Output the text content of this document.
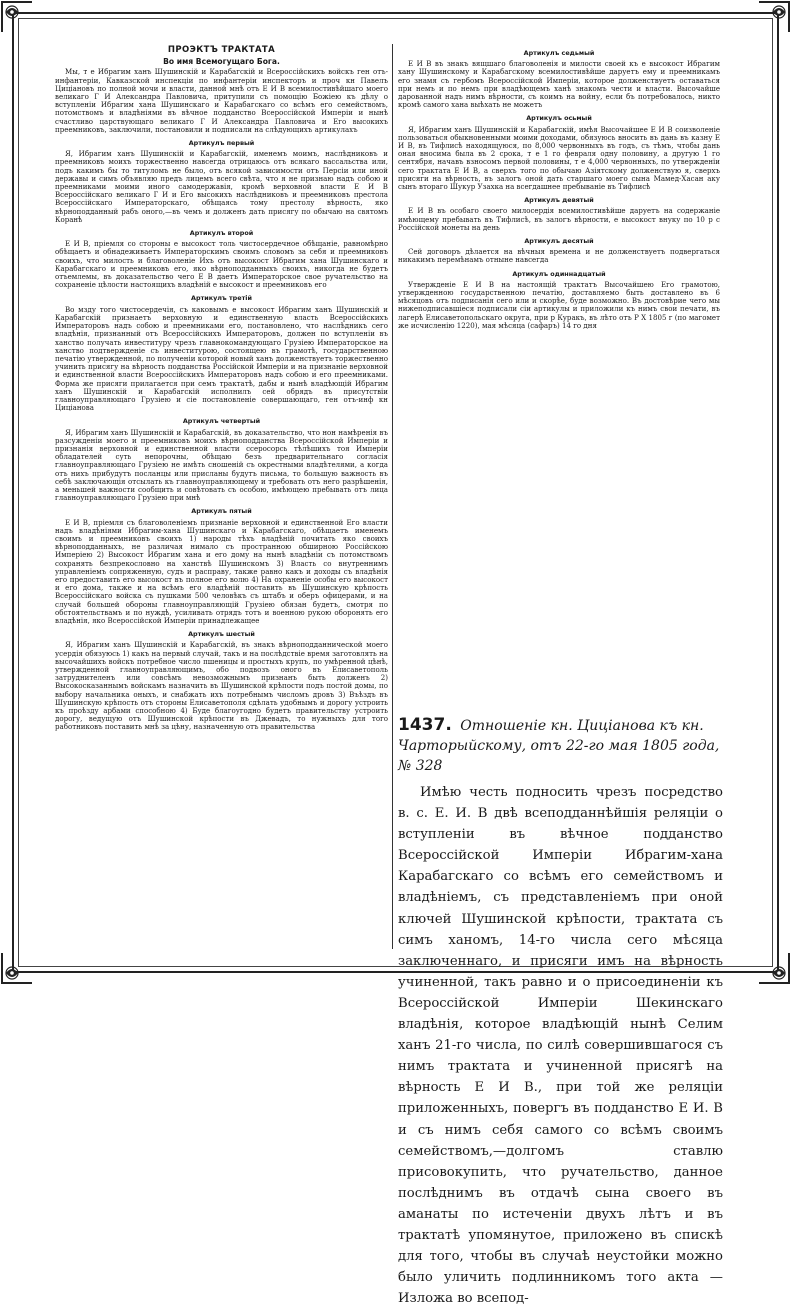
ПРОЭКТЪ ТРАКТАТА
Во имя Всемогущаго Бога.

Мы, т е Ибрагим ханъ Шушинскій и Карабагскій и Всероссійскихъ войскъ ген отъ-инфантеріи, Кавказской инспекціи по инфантеріи инспекторъ и проч кн Павелъ Циціановъ по полной мочи и власти, данной мнѣ отъ Е И В всемилостивѣйшаго моего великаго Г И Александра Павловича, притупили съ помощію Божіею къ дѣлу о вступленіи Ибрагим хана Шушинскаго и Карабагскаго со всѣмъ его семействомъ, потомствомъ и владѣніями въ вѣчное подданство Всероссійской Имперіи и нынѣ счастливо царствующаго великаго Г И Александра Павловича и Его высокихъ преемниковъ, заключили, постановили и подписали на слѣдующихъ артикулахъ

Артикулъ первый

Я, Ибрагим ханъ Шушинскій и Карабагскій, именемъ моимъ, наслѣдниковъ и преемниковъ моихъ торжественно навсегда отрицаюсь отъ всякаго вассальства или, подъ какимъ бы то титуломъ не было, отъ всякой зависимости отъ Персіи или иной державы и симъ объявляю предъ лицемъ всего свѣта, что я не признаю надъ собою и преемниками моими иного самодержавія, кромѣ верховной власти Е И В Всероссійскаго великаго Г И и Его высокихъ наслѣдниковъ и преемниковъ престола Всероссійскаго Императорскаго, обѣщаясь тому престолу вѣрность, яко вѣрноподданный рабъ оного,—въ чемъ и долженъ дать присягу по обычаю на святомъ Коранѣ

Артикулъ второй

Е И В, пріемля со стороны е высокост толь чистосердечное обѣщаніе, равномѣрно обѣщаетъ и обнадеживаетъ Императорскимъ своимъ словомъ за себя и преемниковъ своихъ, что милость и благоволеніе Ихъ отъ высокост Ибрагим хана Шушинскаго и Карабагскаго и преемниковъ его, яко вѣрноподданныхъ своихъ, никогда не будетъ отъемлемы, въ доказательство чего Е В даетъ Императорское свое ручательство на сохраненіе цѣлости настоящихъ владѣній е высокост и преемниковъ его

Артикулъ третій

Во мзду того чистосердечія, съ каковымъ е высокост Ибрагим ханъ Шушинскій и Карабагскій признаетъ верховную и единственную власть Всероссійскихъ Императоровъ надъ собою и преемниками его, постановлено, что наслѣдникъ сего владѣнія, признанный отъ Всероссійскихъ Императоровъ, должен по вступленіи въ ханство получать инвеституру чрезъ главнокомандующаго Грузіею Императорское на ханство подтвержденіе съ инвеститурою, состоящею въ грамотѣ, государственною печатію утвержденной, по полученіи которой новый ханъ долженствуетъ торжественно учинить присягу на вѣрность подданства Россійской Имперіи и на признаніе верховной и единственной власти Всероссійскихъ Императоровъ надъ собою и его преемниками. Форма же присяги прилагается при семъ трактатѣ, дабы и нынѣ владѣющій Ибрагим ханъ Шушинскій и Карабагскій исполнилъ сей обрядъ въ присутствіи главноуправляющаго Грузіею и сіе постановленіе совершающаго, ген отъ-инф кн Циціанова

Артикулъ четвертый

Я, Ибрагим ханъ Шушинскій и Карабагскій, въ доказательство, что нон намѣренія въ разсужденіи моего и преемниковъ моихъ вѣрноподданства Всероссійской Имперіи и признанія верховной и единственной власти ссеросорсь тѣлѣшихъ тоя Имперіи обладателей суть непорочны, обѣщаю безъ предварительнаго согласія главноуправляющаго Грузіею не имѣть сношеній съ окрестными владѣтелями, а когда отъ нихъ прибудутъ посланцы или присланы будутъ письма, то большую важность въ себѣ заключающія отсылать къ главноуправляющему и требовать отъ него разрѣшенія, а меньшей важности сообщить и совѣтовать съ особою, имѣющею пребывать отъ лица главноуправляющаго Грузіею при мнѣ

Артикулъ пятый

Е И В, пріемля съ благоволеніемъ признаніе верховной и единственной Его власти надъ владѣніями Ибрагим-хана Шушинскаго и Карабагскаго, обѣщаетъ именемъ своимъ и преемниковъ своихъ 1) народы тѣхъ владѣній почитать яко своихъ вѣрноподданныхъ, не различая нимало съ пространною обширною Россійскою Имперіею 2) Высокост Ибрагим хана и его дому на нынѣ владѣніи съ потомствомъ сохранять безпрекословно на ханствѣ Шушинскомъ 3) Власть со внутреннимъ управленіемъ сопряженную, судъ и расправу, также равно какъ и доходы съ владѣнія его предоставить его высокост въ полное его волю 4) На охраненіе особы его высокост и его дома, также и на всѣмъ его владѣній поставить въ Шушинскую крѣпость Всероссійскаго войска съ пушками 500 человѣкъ съ штабъ и оберъ офицерами, и на случай большей обороны главноуправляющій Грузіею обязан будетъ, смотря по обстоятельствамъ и по нуждѣ, усиливать отрядъ тотъ и военною рукою оборонять его владѣнія, яко Всероссійской Имперіи принадлежащее

Артикулъ шестый

Я, Ибрагим ханъ Шушинскій и Карабагскій, въ знакъ вѣрноподданнической моего усердія обязуюсь 1) какъ на первый случай, такъ и на послѣдствіе время заготовлять на высочайшихъ войскъ потребное число пшеницы и простыхъ крупъ, по умѣренной цѣнѣ, утвержденной главноуправляющимъ, обо подвозъ оного въ Елисаветополь затруднителенъ или совсѣмъ невозможнымъ признанъ быть долженъ 2) Высокосказаннымъ войскамъ назначить въ Шушинской крѣпости подъ постой домы, по выбору начальника оныхъ, и снабжать ихъ потребнымъ числомъ дровъ 3) Въѣздъ въ Шушинскую крѣпость отъ стороны Елисаветополя сдѣлать удобнымъ и дорогу устроить къ проѣзду арбами способною 4) Буде благоугодно будетъ правительству устроить дорогу, ведущую отъ Шушинской крѣпости въ Джевадъ, то нужныхъ для того работниковъ поставить мнѣ за цѣну, назначенную отъ правительства

Артикулъ седьмый

Е И В въ знакъ вящшаго благоволенія и милости своей къ е высокост Ибрагим хану Шушинскому и Карабагскому всемилостивѣйше даруетъ ему и преемникамъ его знамя съ гербомъ Всероссійской Имперіи, которое долженствуетъ оставаться при немъ и по немъ при владѣющемъ ханѣ знакомъ чести и власти. Высочайше дарованной надъ нимъ вѣрности, съ коимъ на войну, если бъ потребовалось, никто кромѣ самого хана выѣхать не можетъ

Артикулъ осьмый

Я, Ибрагим ханъ Шушинскій и Карабагскій, имѣя Высочайшее Е И В соизволеніе пользоваться обыкновенными моими доходами, обязуюсь вносить въ дань въ казну Е И В, въ Тифлисѣ находящуюся, по 8,000 червонныхъ въ годъ, съ тѣмъ, чтобы дань оная вносима была въ 2 срока, т е 1 го февраля одну половину, а другую 1 го сентября, начавъ взносомъ первой половины, т е 4,000 червонныхъ, по утвержденіи сего трактата Е И В, а сверхъ того по обычаю Азіятскому долженствую я, сверхъ присяги на вѣрность, въ залогъ оной дать старшаго моего сына Мамед-Хасан аку сынъ втораго Шукур Узахка на всегдашнее пребываніе въ Тифлисѣ

Артикулъ девятый

Е И В въ особаго своего милосердія всемилостивѣйше даруетъ на содержаніе имѣющему пребывать въ Тифлисѣ, въ залогъ вѣрности, е высокост внуку по 10 р с Россійской монеты на день

Артикулъ десятый

Сей договоръ дѣлается на вѣчныя времена и не долженствуетъ подвергаться никакимъ перемѣнамъ отныне навсегда

Артикулъ одиннадцатый

Утвержденіе Е И В на настоящій трактатъ Высочайшею Его грамотою, утвержденною государственною печатію, доставляемо быть доставлено въ 6 мѣсяцовъ отъ подписанія сего или и скорѣе, буде возможно. Въ достовѣрие чего мы нижеподписавшіеся подписали сіи артикулы и приложили къ нимъ свои печати, въ лагерѣ Елисаветопольскаго округа, при р Куракъ, въ лѣто отъ Р Х 1805 г (по магомет же исчисленію 1220), мая мѣсяца (сафаръ) 14 го дня

1437. Отношеніе кн. Циціанова къ кн. Чарторыйскому, отъ 22-го мая 1805 года, № 328

Имѣю честь подносить чрезъ посредство в. с. Е. И. В двѣ всеподданнѣйшія реляціи о вступленіи въ вѣчное подданство Всероссійской Имперіи Ибрагим-хана Карабагскаго со всѣмъ его семействомъ и владѣніемъ, съ представленіемъ при оной ключей Шушинской крѣпости, трактата съ симъ ханомъ, 14-го числа сего мѣсяца заключеннаго, и присяги имъ на вѣрность учиненной, такъ равно и о присоединеніи къ Всероссійской Имперіи Шекинскаго владѣнія, которое владѣющій нынѣ Селим ханъ 21-го числа, по силѣ совершившагося съ нимъ трактата и учиненной присягѣ на вѣрность Е И В., при той же реляціи приложенныхъ, повергъ въ подданство Е И. В и съ нимъ себя самого со всѣмъ своимъ семействомъ,—долгомъ ставлю присовокупить, что ручательство, данное послѣднимъ въ отдачѣ сына своего въ аманаты по истеченіи двухъ лѣтъ и въ трактатѣ упомянутое, приложено въ спискѣ для того, чтобы въ случаѣ неустойки можно было уличить подлинникомъ того акта —Изложа во всепод-
